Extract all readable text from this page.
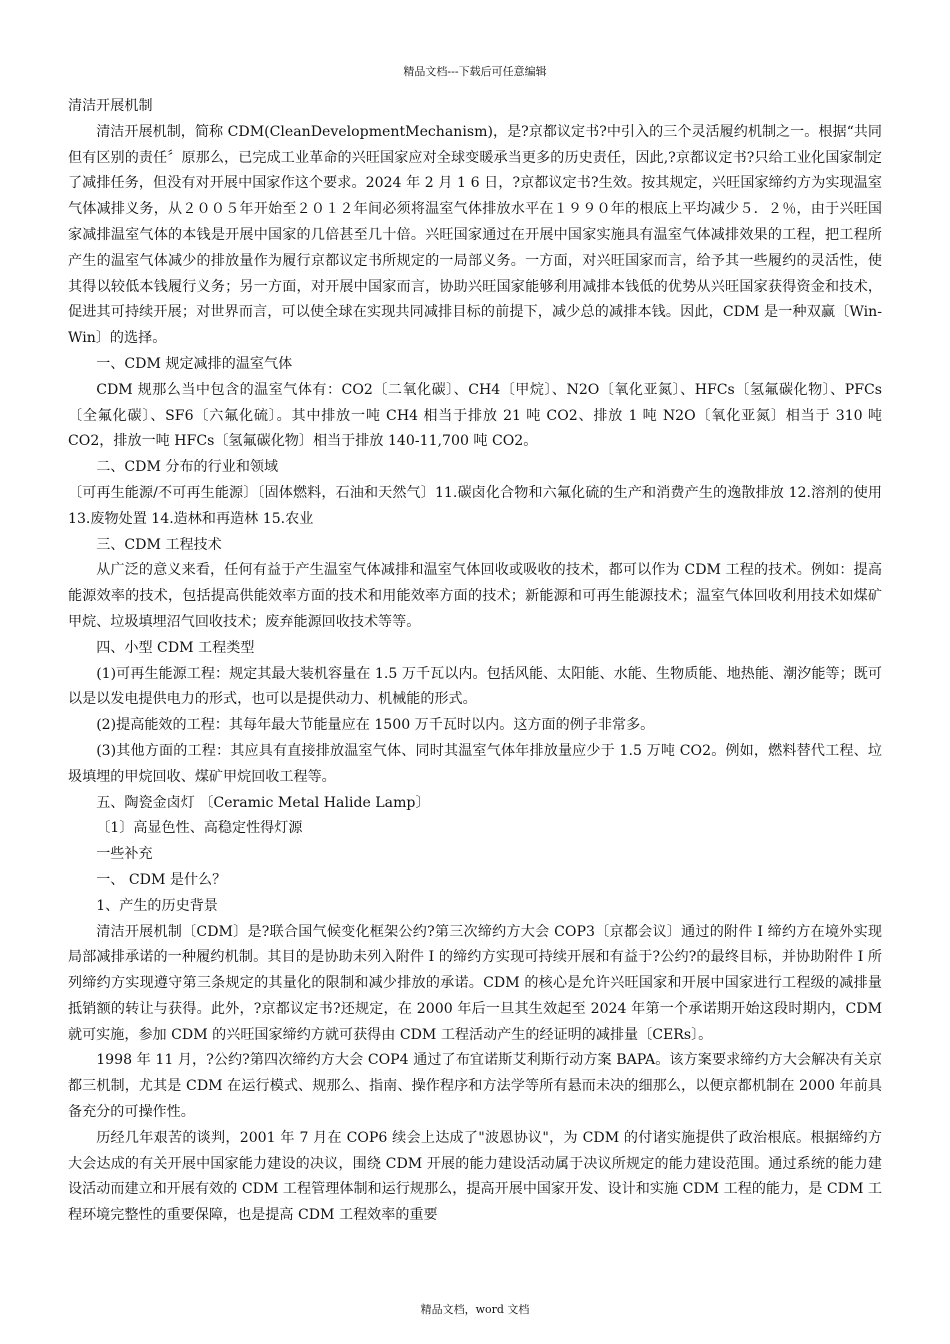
精品文档---下载后可任意编辑

清洁开展机制

清洁开展机制，简称 CDM(CleanDevelopmentMechanism)，是?京都议定书?中引入的三个灵活履约机制之一。根据“共同但有区别的责任〞原那么，已完成工业革命的兴旺国家应对全球变暖承当更多的历史责任，因此,?京都议定书?只给工业化国家制定了减排任务，但没有对开展中国家作这个要求。2024 年 2 月 1 6 日，?京都议定书?生效。按其规定，兴旺国家缔约方为实现温室气体减排义务，从２００５年开始至２０１２年间必须将温室气体排放水平在１９９０年的根底上平均减少５．２％，由于兴旺国家减排温室气体的本钱是开展中国家的几倍甚至几十倍。兴旺国家通过在开展中国家实施具有温室气体减排效果的工程，把工程所产生的温室气体减少的排放量作为履行京都议定书所规定的一局部义务。一方面，对兴旺国家而言，给予其一些履约的灵活性，使其得以较低本钱履行义务；另一方面，对开展中国家而言，协助兴旺国家能够利用减排本钱低的优势从兴旺国家获得资金和技术，促进其可持续开展；对世界而言，可以使全球在实现共同减排目标的前提下，减少总的减排本钱。因此，CDM 是一种双赢〔Win-Win〕的选择。

一、CDM 规定减排的温室气体

CDM 规那么当中包含的温室气体有：CO2〔二氧化碳〕、CH4〔甲烷〕、N2O〔氧化亚氮〕、HFCs〔氢氟碳化物〕、PFCs〔全氟化碳〕、SF6〔六氟化硫〕。其中排放一吨 CH4 相当于排放 21 吨 CO2、排放 1 吨 N2O〔氧化亚氮〕相当于 310 吨 CO2，排放一吨 HFCs〔氢氟碳化物〕相当于排放 140-11,700 吨 CO2。

二、CDM 分布的行业和领域

〔可再生能源/不可再生能源〕〔固体燃料，石油和天然气〕11.碳卤化合物和六氟化硫的生产和消费产生的逸散排放 12.溶剂的使用 13.废物处置 14.造林和再造林 15.农业

三、CDM 工程技术

从广泛的意义来看，任何有益于产生温室气体减排和温室气体回收或吸收的技术，都可以作为 CDM 工程的技术。例如：提高能源效率的技术，包括提高供能效率方面的技术和用能效率方面的技术；新能源和可再生能源技术；温室气体回收利用技术如煤矿甲烷、垃圾填埋沼气回收技术；废弃能源回收技术等等。

四、小型 CDM 工程类型

(1)可再生能源工程：规定其最大装机容量在 1.5 万千瓦以内。包括风能、太阳能、水能、生物质能、地热能、潮汐能等；既可以是以发电提供电力的形式，也可以是提供动力、机械能的形式。

(2)提高能效的工程：其每年最大节能量应在 1500 万千瓦时以内。这方面的例子非常多。

(3)其他方面的工程：其应具有直接排放温室气体、同时其温室气体年排放量应少于 1.5 万吨 CO2。例如，燃料替代工程、垃圾填埋的甲烷回收、煤矿甲烷回收工程等。

五、陶瓷金卤灯 〔Ceramic Metal Halide Lamp〕

〔1〕高显色性、高稳定性得灯源

一些补充

一、 CDM 是什么？

1、产生的历史背景

清洁开展机制〔CDM〕是?联合国气候变化框架公约?第三次缔约方大会 COP3〔京都会议〕通过的附件 I 缔约方在境外实现局部减排承诺的一种履约机制。其目的是协助未列入附件 I 的缔约方实现可持续开展和有益于?公约?的最终目标，并协助附件 I 所列缔约方实现遵守第三条规定的其量化的限制和减少排放的承诺。CDM 的核心是允许兴旺国家和开展中国家进行工程级的减排量抵销额的转让与获得。此外，?京都议定书?还规定，在 2000 年后一旦其生效起至 2024 年第一个承诺期开始这段时期内，CDM 就可实施，参加 CDM 的兴旺国家缔约方就可获得由 CDM 工程活动产生的经证明的减排量〔CERs〕。

1998 年 11 月，?公约?第四次缔约方大会 COP4 通过了布宜诺斯艾利斯行动方案 BAPA。该方案要求缔约方大会解决有关京都三机制，尤其是 CDM 在运行模式、规那么、指南、操作程序和方法学等所有悬而未决的细那么，以便京都机制在 2000 年前具备充分的可操作性。

历经几年艰苦的谈判，2001 年 7 月在 COP6 续会上达成了"波恩协议"，为 CDM 的付诸实施提供了政治根底。根据缔约方大会达成的有关开展中国家能力建设的决议，围绕 CDM 开展的能力建设活动属于决议所规定的能力建设范围。通过系统的能力建设活动而建立和开展有效的 CDM 工程管理体制和运行规那么，提高开展中国家开发、设计和实施 CDM 工程的能力，是 CDM 工程环境完整性的重要保障，也是提高 CDM 工程效率的重要

精品文档，word 文档
